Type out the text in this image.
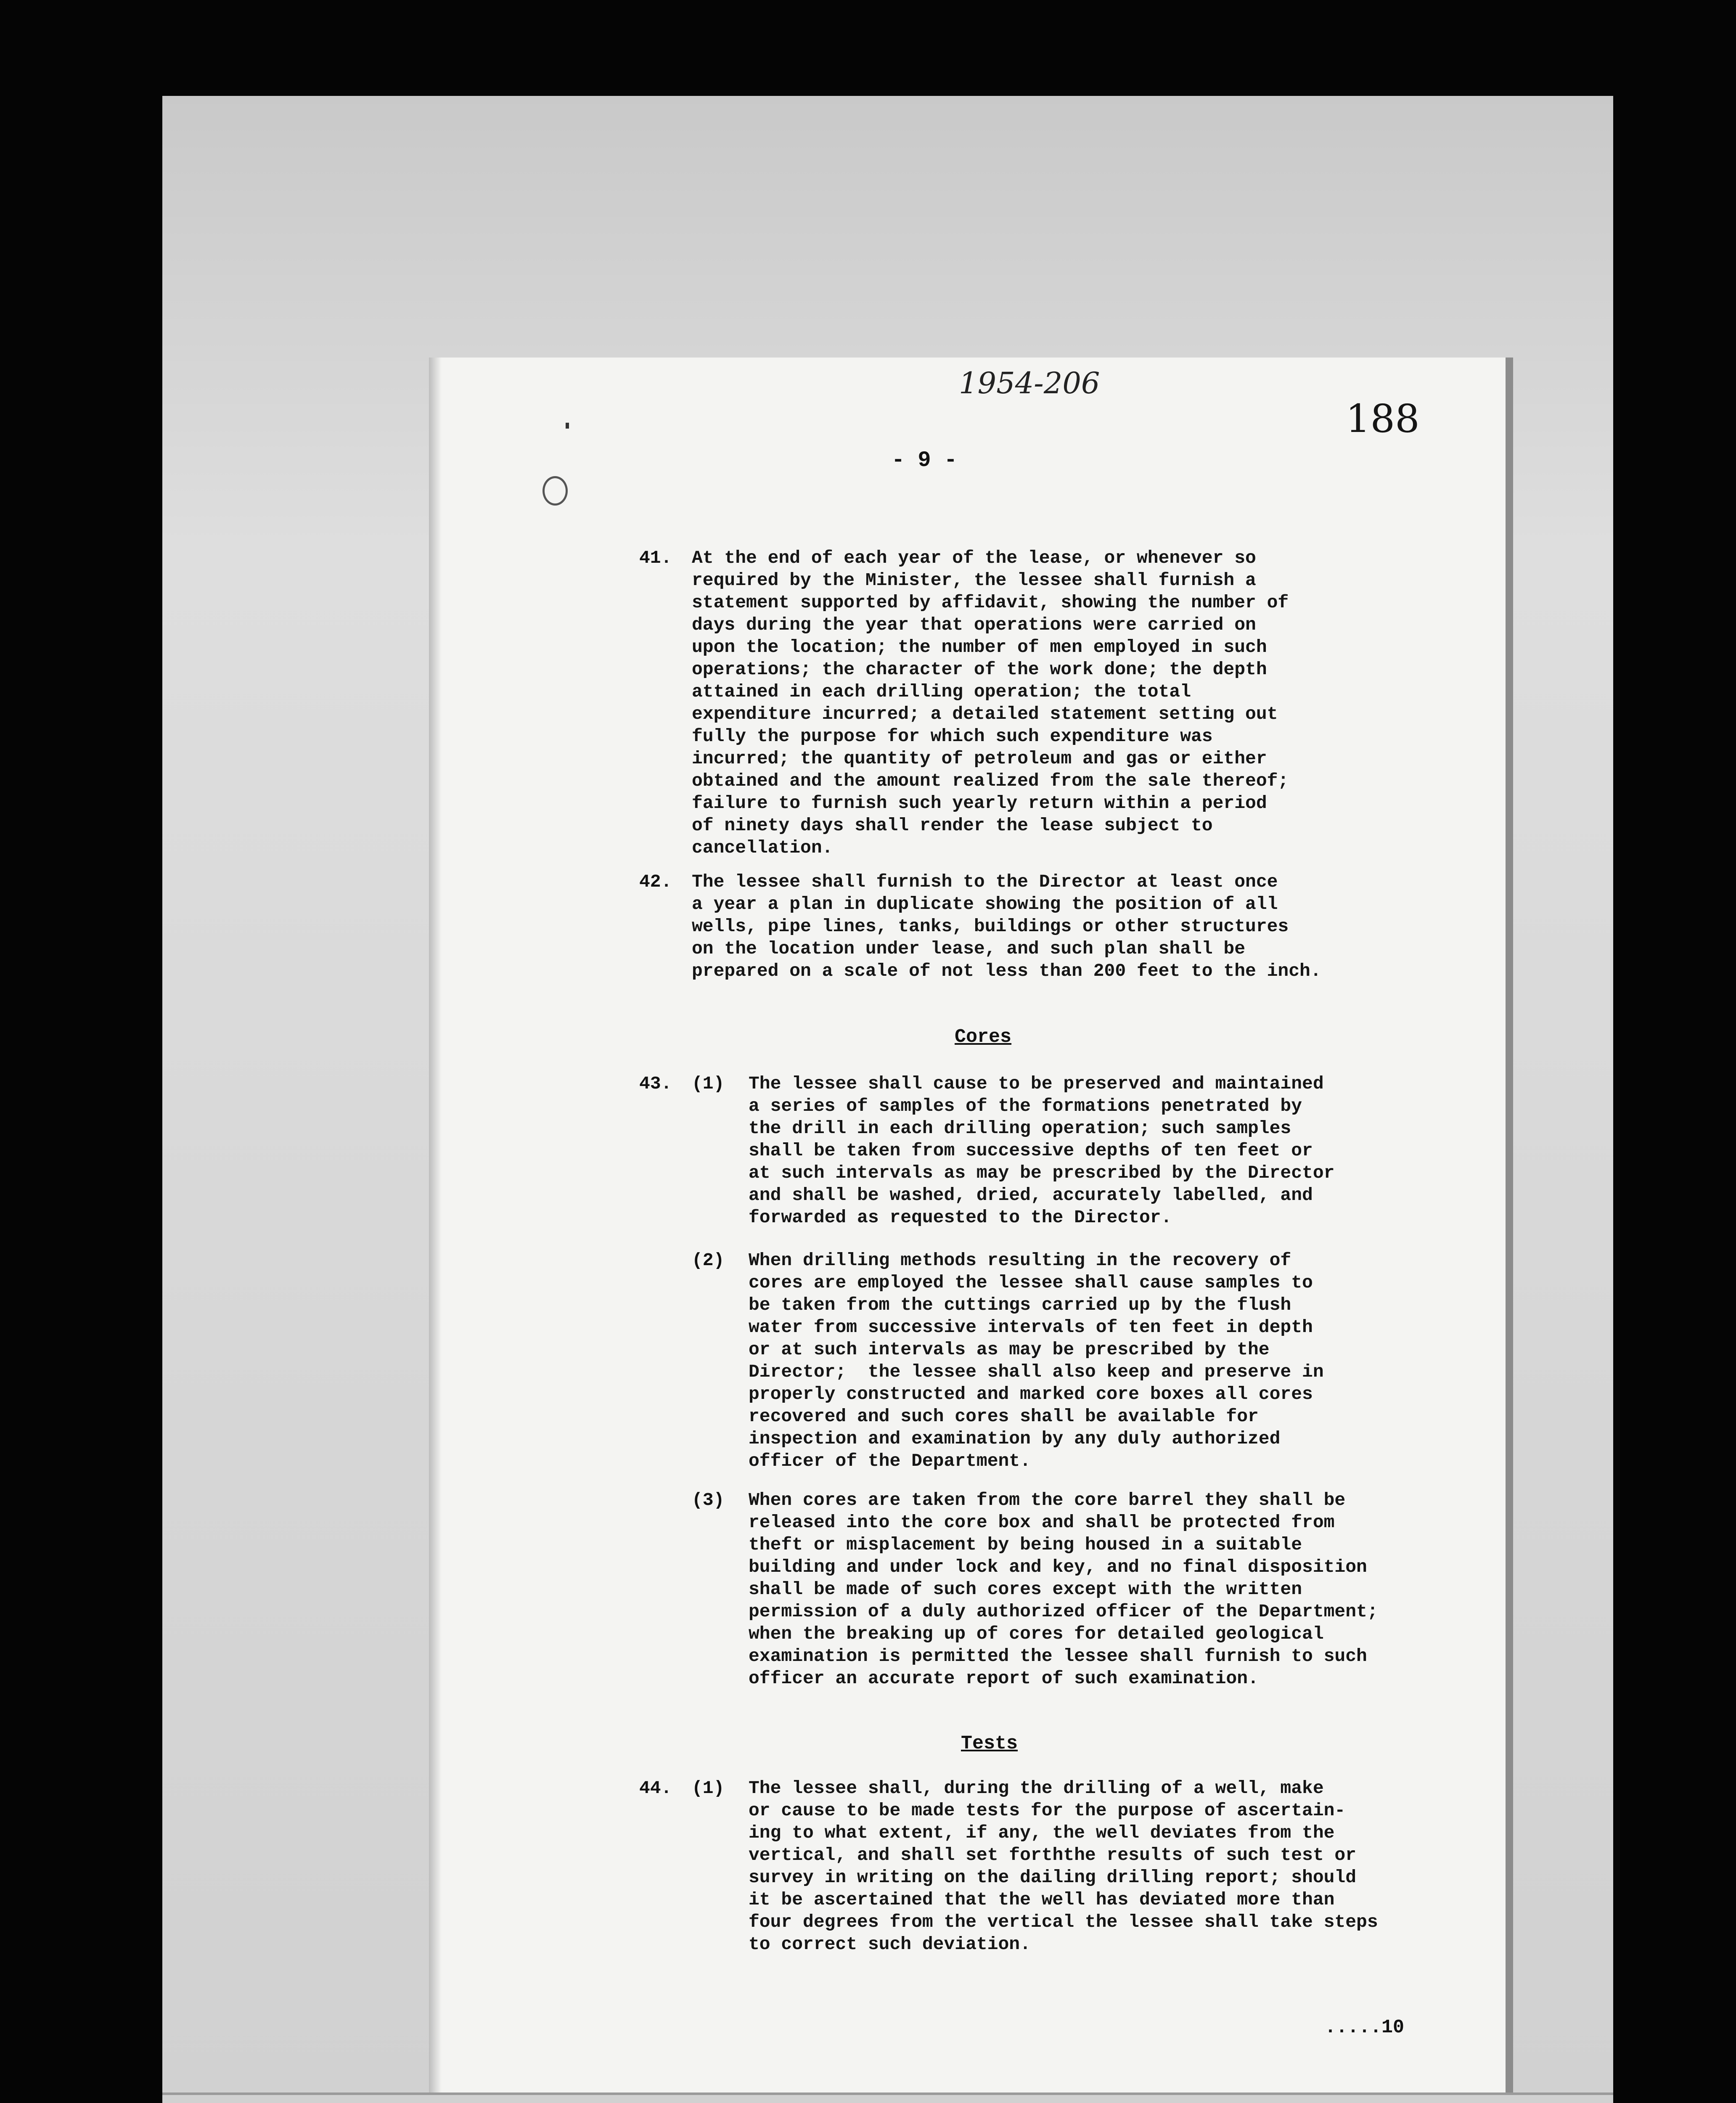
1954-206
188
- 9 -
41. At the end of each year of the lease, or whenever so
required by the Minister, the lessee shall furnish a
statement supported by affidavit, showing the number of
days during the year that operations were carried on
upon the location; the number of men employed in such
operations; the character of the work done; the depth
attained in each drilling operation; the total
expenditure incurred; a detailed statement setting out
fully the purpose for which such expenditure was
incurred; the quantity of petroleum and gas or either
obtained and the amount realized from the sale thereof;
failure to furnish such yearly return within a period
of ninety days shall render the lease subject to
cancellation.
42. The lessee shall furnish to the Director at least once
a year a plan in duplicate showing the position of all
wells, pipe lines, tanks, buildings or other structures
on the location under lease, and such plan shall be
prepared on a scale of not less than 200 feet to the inch.
Cores
43. (1) The lessee shall cause to be preserved and maintained
a series of samples of the formations penetrated by
the drill in each drilling operation; such samples
shall be taken from successive depths of ten feet or
at such intervals as may be prescribed by the Director
and shall be washed, dried, accurately labelled, and
forwarded as requested to the Director.
(2) When drilling methods resulting in the recovery of
cores are employed the lessee shall cause samples to
be taken from the cuttings carried up by the flush
water from successive intervals of ten feet in depth
or at such intervals as may be prescribed by the
Director;  the lessee shall also keep and preserve in
properly constructed and marked core boxes all cores
recovered and such cores shall be available for
inspection and examination by any duly authorized
officer of the Department.
(3) When cores are taken from the core barrel they shall be
released into the core box and shall be protected from
theft or misplacement by being housed in a suitable
building and under lock and key, and no final disposition
shall be made of such cores except with the written
permission of a duly authorized officer of the Department;
when the breaking up of cores for detailed geological
examination is permitted the lessee shall furnish to such
officer an accurate report of such examination.
Tests
44. (1) The lessee shall, during the drilling of a well, make
or cause to be made tests for the purpose of ascertain-
ing to what extent, if any, the well deviates from the
vertical, and shall set forththe results of such test or
survey in writing on the dailing drilling report; should
it be ascertained that the well has deviated more than
four degrees from the vertical the lessee shall take steps
to correct such deviation.
.....10
